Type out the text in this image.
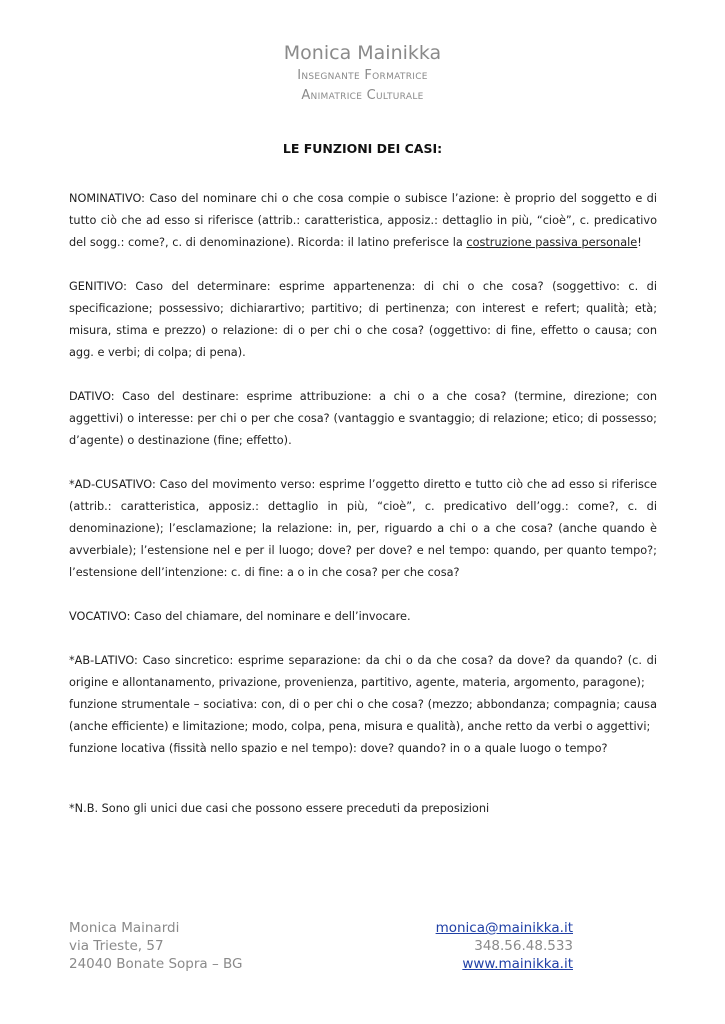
Monica Mainikka
Insegnante Formatrice
Animatrice Culturale
LE FUNZIONI DEI CASI:

NOMINATIVO: Caso del nominare chi o che cosa compie o subisce l’azione: è proprio del soggetto e di tutto ciò che ad esso si riferisce (attrib.: caratteristica, apposiz.: dettaglio in più, “cioè”, c. predicativo del sogg.: come?, c. di denominazione). Ricorda: il latino preferisce la costruzione passiva personale!

GENITIVO: Caso del determinare: esprime appartenenza: di chi o che cosa? (soggettivo: c. di specificazione; possessivo; dichiarartivo; partitivo; di pertinenza; con interest e refert; qualità; età; misura, stima e prezzo) o relazione: di o per chi o che cosa? (oggettivo: di fine, effetto o causa; con agg. e verbi; di colpa; di pena).

DATIVO: Caso del destinare: esprime attribuzione: a chi o a che cosa? (termine, direzione; con aggettivi) o interesse: per chi o per che cosa? (vantaggio e svantaggio; di relazione; etico; di possesso; d’agente) o destinazione (fine; effetto).

*AD-CUSATIVO: Caso del movimento verso: esprime l’oggetto diretto e tutto ciò che ad esso si riferisce (attrib.: caratteristica, apposiz.: dettaglio in più, “cioè”, c. predicativo dell’ogg.: come?, c. di denominazione); l’esclamazione; la relazione: in, per, riguardo a chi o a che cosa? (anche quando è avverbiale); l’estensione nel e per il luogo; dove? per dove? e nel tempo: quando, per quanto tempo?; l’estensione dell’intenzione: c. di fine: a o in che cosa? per che cosa?

VOCATIVO: Caso del chiamare, del nominare e dell’invocare.

*AB-LATIVO: Caso sincretico: esprime separazione: da chi o da che cosa? da dove? da quando? (c. di origine e allontanamento, privazione, provenienza, partitivo, agente, materia, argomento, paragone);
funzione strumentale – sociativa: con, di o per chi o che cosa? (mezzo; abbondanza; compagnia; causa (anche efficiente) e limitazione; modo, colpa, pena, misura e qualità), anche retto da verbi o aggettivi;
funzione locativa (fissità nello spazio e nel tempo): dove? quando? in o a quale luogo o tempo?
*N.B. Sono gli unici due casi che possono essere preceduti da preposizioni
Monica Mainardi
via Trieste, 57
24040 Bonate Sopra – BG
monica@mainikka.it
348.56.48.533
www.mainikka.it
